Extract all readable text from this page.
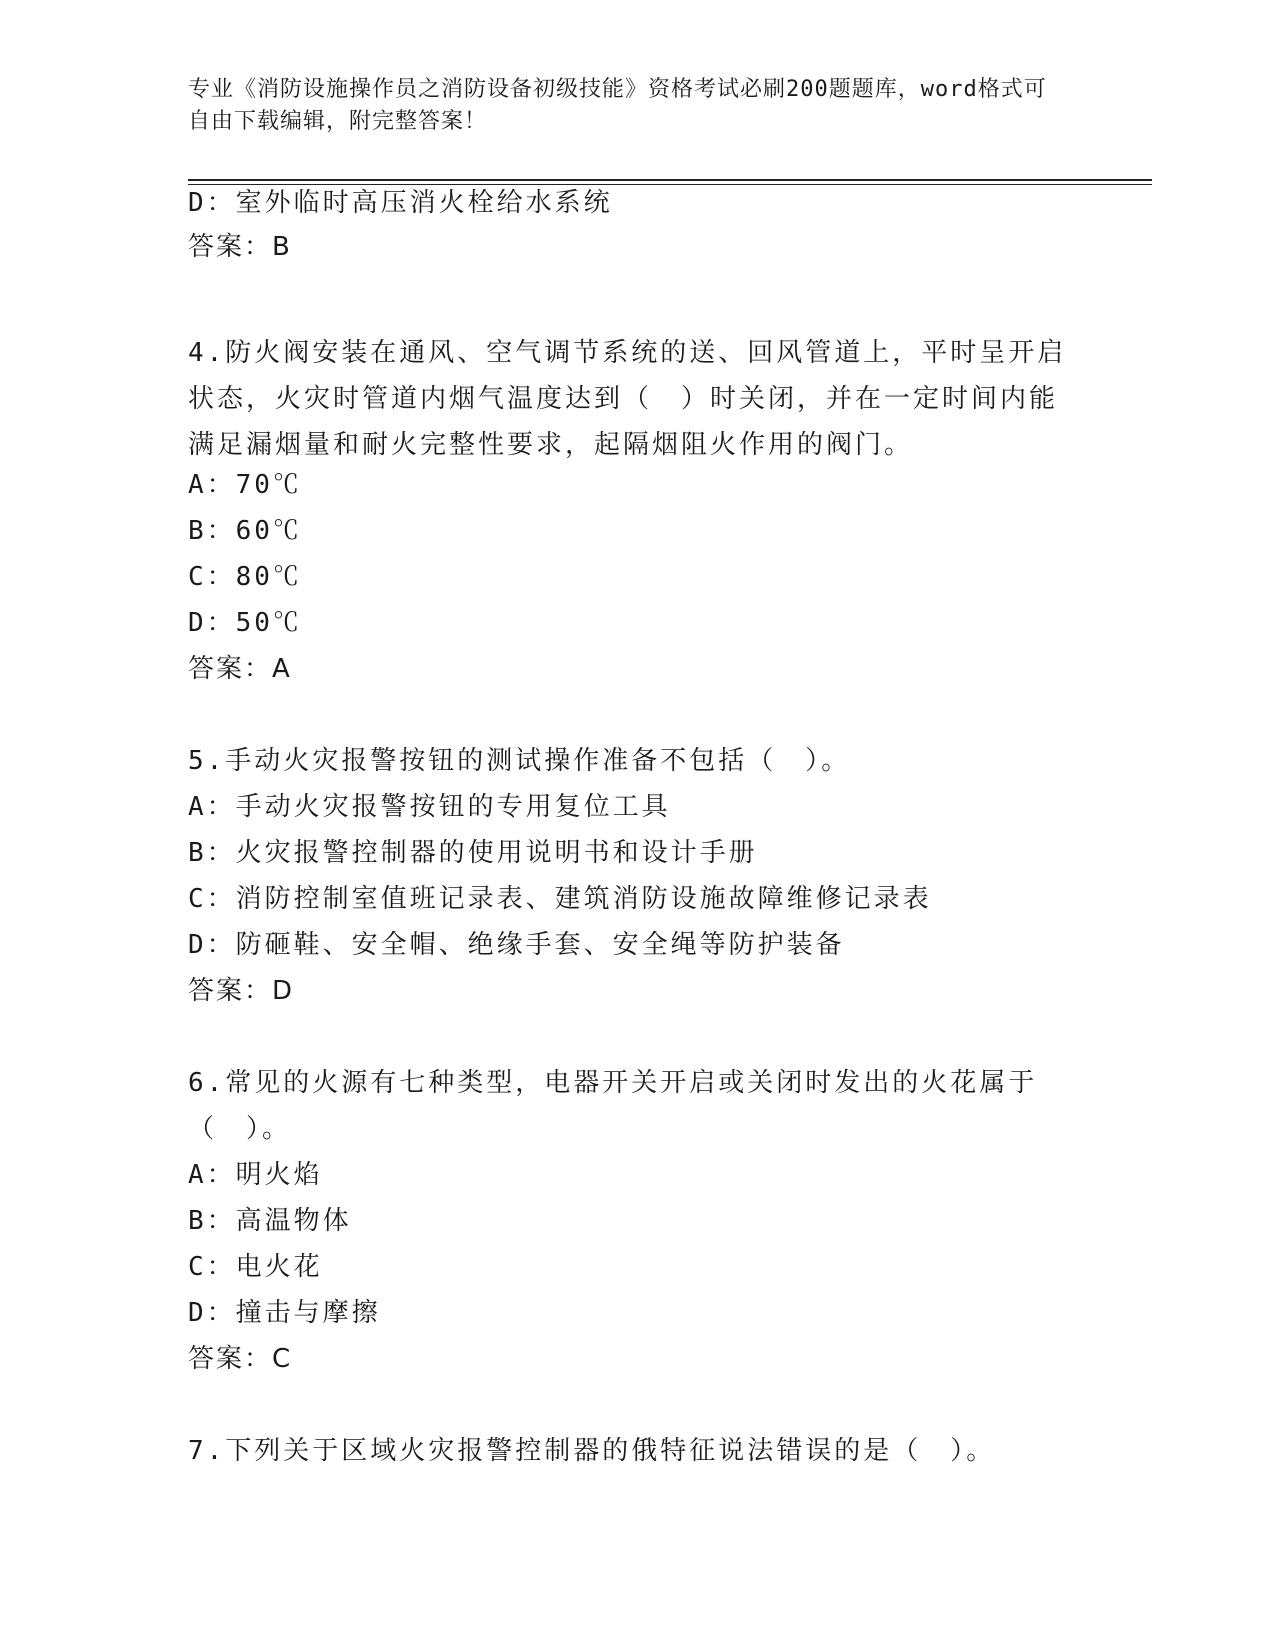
专业《消防设施操作员之消防设备初级技能》资格考试必刷200题题库，word格式可自由下载编辑，附完整答案！
D：室外临时高压消火栓给水系统
答案：B
4.防火阀安装在通风、空气调节系统的送、回风管道上，平时呈开启状态，火灾时管道内烟气温度达到（　）时关闭，并在一定时间内能满足漏烟量和耐火完整性要求，起隔烟阻火作用的阀门。
A：70℃
B：60℃
C：80℃
D：50℃
答案：A
5.手动火灾报警按钮的测试操作准备不包括（　）。
A：手动火灾报警按钮的专用复位工具
B：火灾报警控制器的使用说明书和设计手册
C：消防控制室值班记录表、建筑消防设施故障维修记录表
D：防砸鞋、安全帽、绝缘手套、安全绳等防护装备
答案：D
6.常见的火源有七种类型，电器开关开启或关闭时发出的火花属于（　）。
A：明火焰
B：高温物体
C：电火花
D：撞击与摩擦
答案：C
7.下列关于区域火灾报警控制器的俄特征说法错误的是（　）。
